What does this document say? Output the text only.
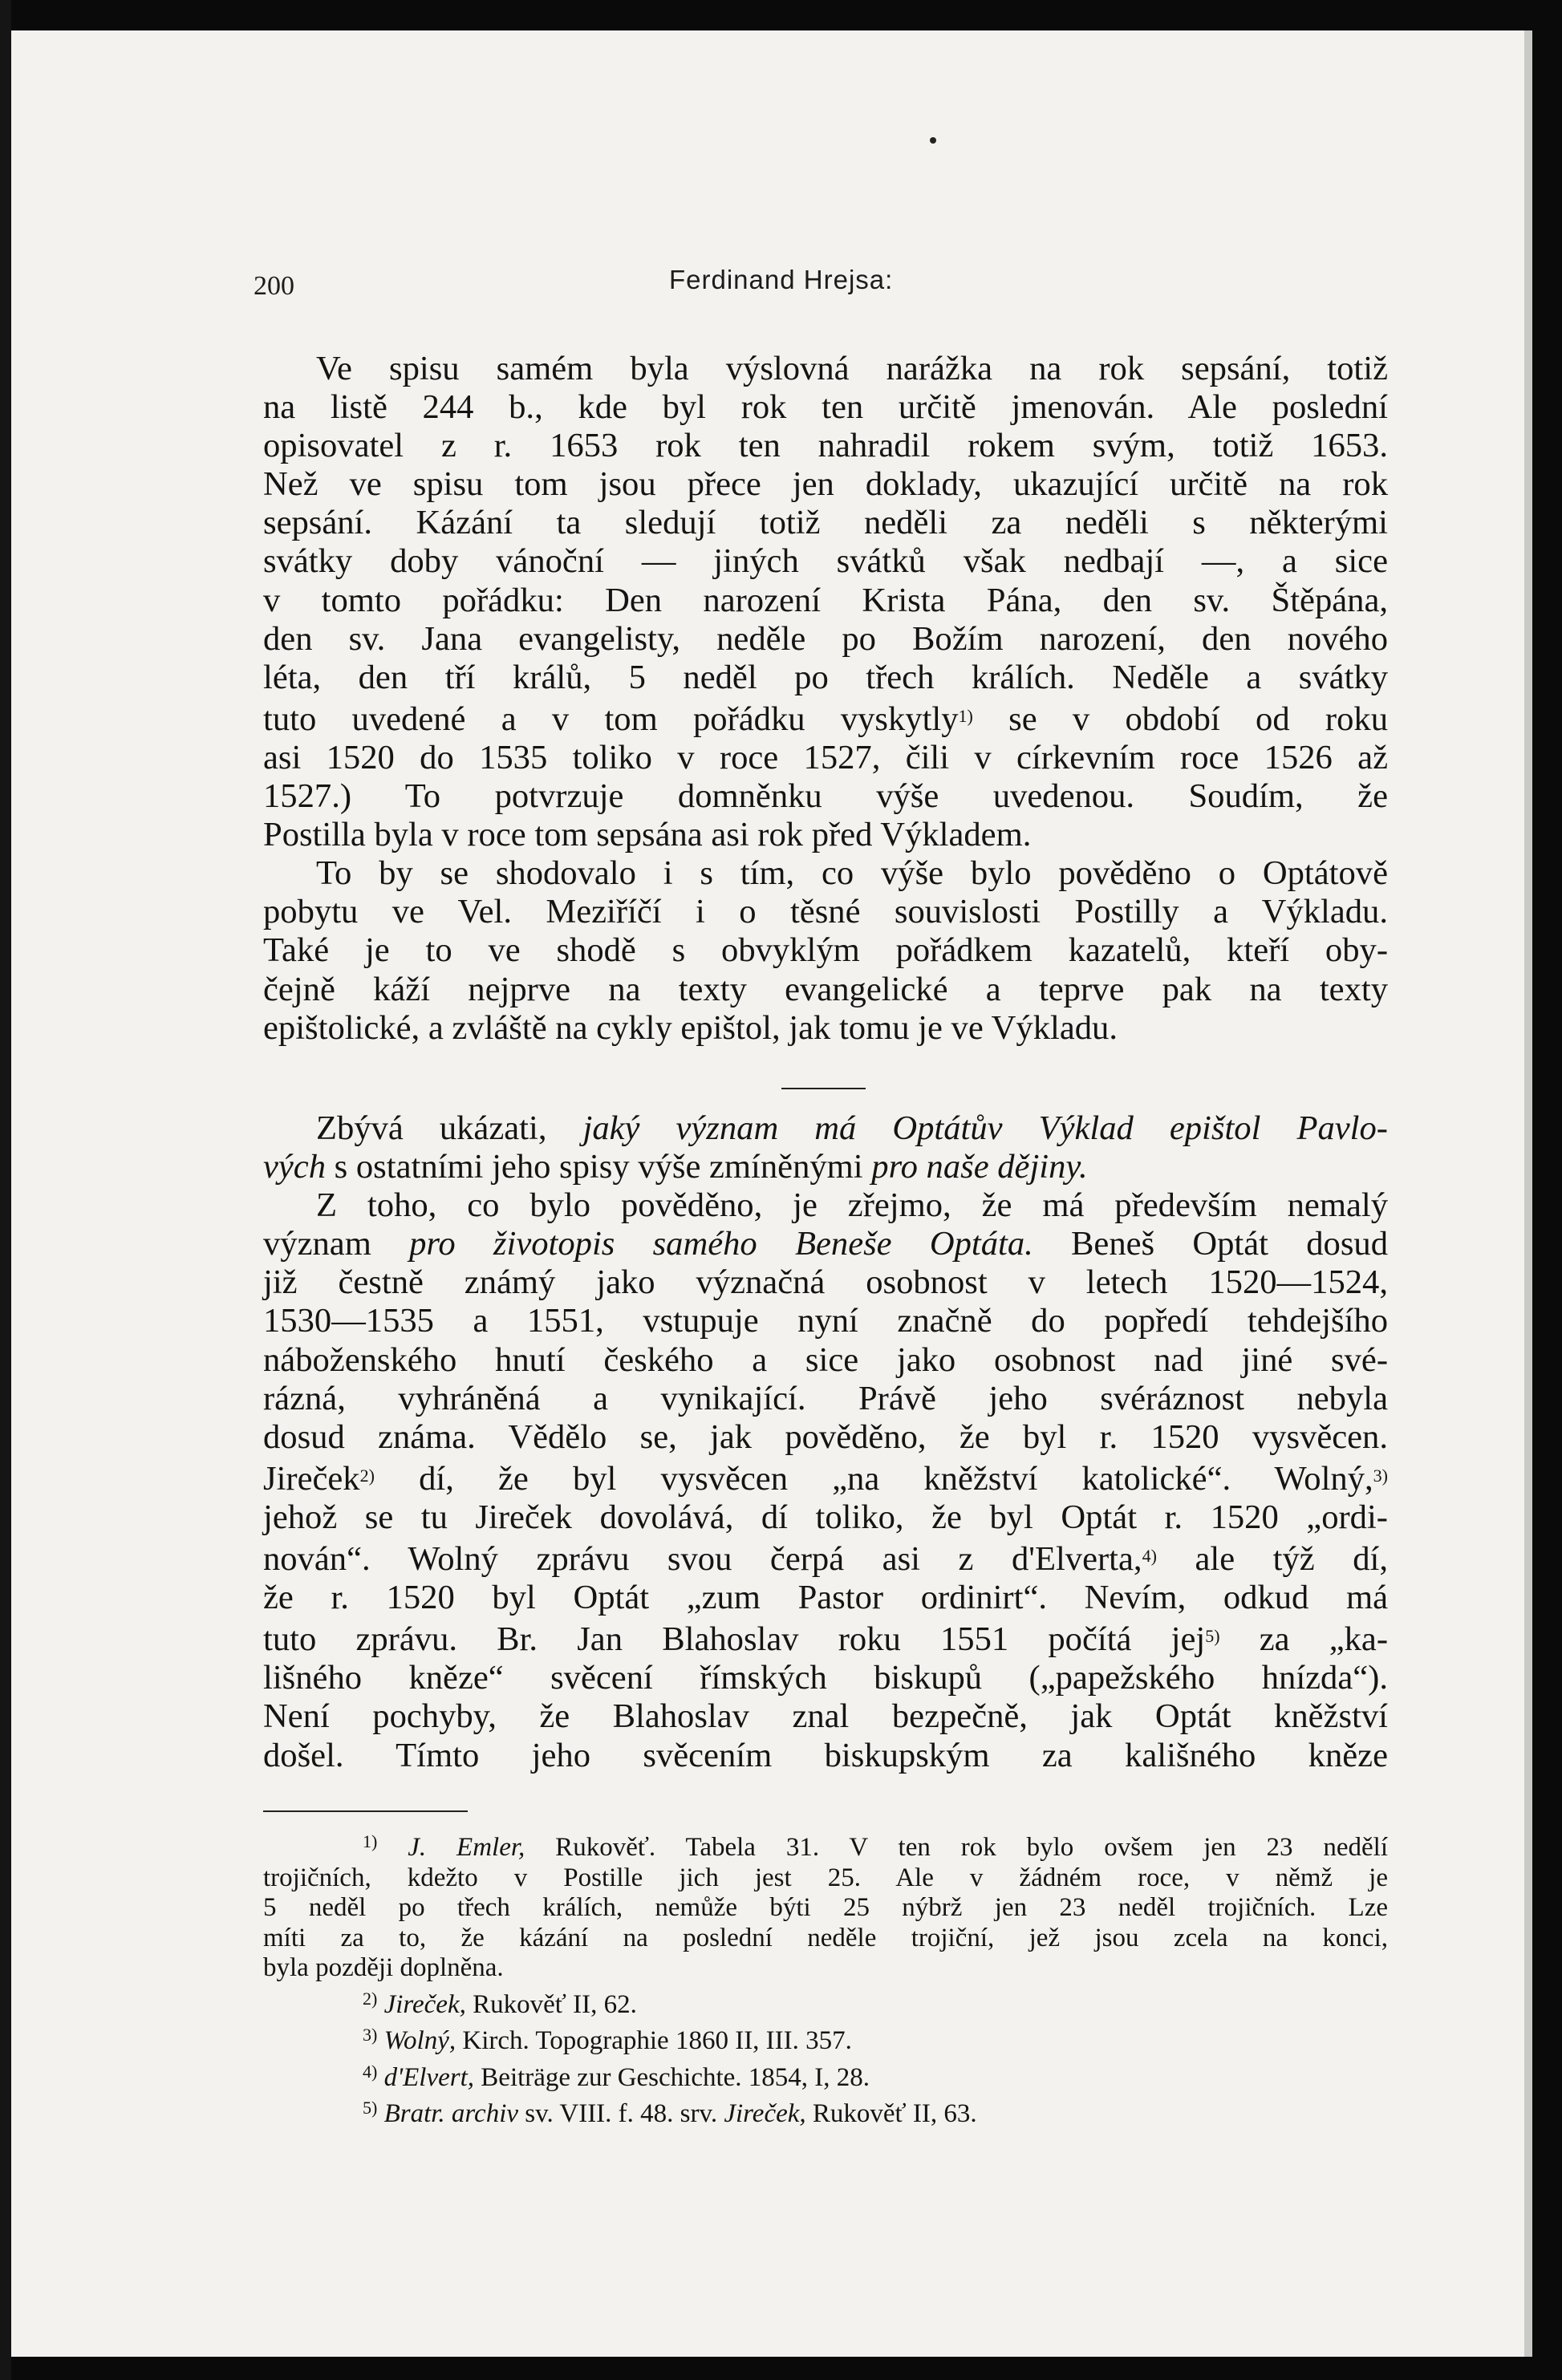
200	Ferdinand Hrejsa:
Ve spisu samém byla výslovná narážka na rok sepsání, totiž
na listě 244 b., kde byl rok ten určitě jmenován. Ale poslední
opisovatel z r. 1653 rok ten nahradil rokem svým, totiž 1653.
Než ve spisu tom jsou přece jen doklady, ukazující určitě na rok
sepsání. Kázání ta sledují totiž neděli za neděli s některými
svátky doby vánoční — jiných svátků však nedbají —, a sice
v tomto pořádku: Den narození Krista Pána, den sv. Štěpána,
den sv. Jana evangelisty, neděle po Božím narození, den nového
léta, den tří králů, 5 neděl po třech králích. Neděle a svátky
tuto uvedené a v tom pořádku vyskytly$^{1)}$ se v období od roku
asi 1520 do 1535 toliko v roce 1527, čili v církevním roce 1526 až
1527.) To potvrzuje domněnku výše uvedenou. Soudím, že
Postilla byla v roce tom sepsána asi rok před Výkladem.
To by se shodovalo i s tím, co výše bylo pověděno o Optátově
pobytu ve Vel. Meziříčí i o těsné souvislosti Postilly a Výkladu.
Také je to ve shodě s obvyklým pořádkem kazatelů, kteří oby-
čejně káží nejprve na texty evangelické a teprve pak na texty
epištolické, a zvláště na cykly epištol, jak tomu je ve Výkladu.
Zbývá ukázati, jaký význam má Optátův Výklad epištol Pavlo-
vých s ostatními jeho spisy výše zmíněnými pro naše dějiny.
Z toho, co bylo pověděno, je zřejmo, že má především nemalý
význam pro životopis samého Beneše Optáta. Beneš Optát dosud
již čestně známý jako význačná osobnost v letech 1520—1524,
1530—1535 a 1551, vstupuje nyní značně do popředí tehdejšího
náboženského hnutí českého a sice jako osobnost nad jiné své-
rázná, vyhráněná a vynikající. Právě jeho svéráznost nebyla
dosud známa. Vědělo se, jak pověděno, že byl r. 1520 vysvěcen.
Jireček$^{2)}$ dí, že byl vysvěcen „na kněžství katolické“. Wolný,$^{3)}$
jehož se tu Jireček dovolává, dí toliko, že byl Optát r. 1520 „ordi-
nován“. Wolný zprávu svou čerpá asi z d'Elverta,$^{4)}$ ale týž dí,
že r. 1520 byl Optát „zum Pastor ordinirt“. Nevím, odkud má
tuto zprávu. Br. Jan Blahoslav roku 1551 počítá jej$^{5)}$ za „ka-
lišného kněze“ svěcení římských biskupů („papežského hnízda“).
Není pochyby, že Blahoslav znal bezpečně, jak Optát kněžství
došel. Tímto jeho svěcením biskupským za kališného kněze
$^{1)}$ J. Emler, Rukověť. Tabela 31. V ten rok bylo ovšem jen 23 nedělí
trojičních, kdežto v Postille jich jest 25. Ale v žádném roce, v němž je
5 neděl po třech králích, nemůže býti 25 nýbrž jen 23 neděl trojičních. Lze
míti za to, že kázání na poslední neděle trojiční, jež jsou zcela na konci,
byla později doplněna.
$^{2)}$ Jireček, Rukověť II, 62.
$^{3)}$ Wolný, Kirch. Topographie 1860 II, III. 357.
$^{4)}$ d'Elvert, Beiträge zur Geschichte. 1854, I, 28.
$^{5)}$ Bratr. archiv sv. VIII. f. 48. srv. Jireček, Rukověť II, 63.
